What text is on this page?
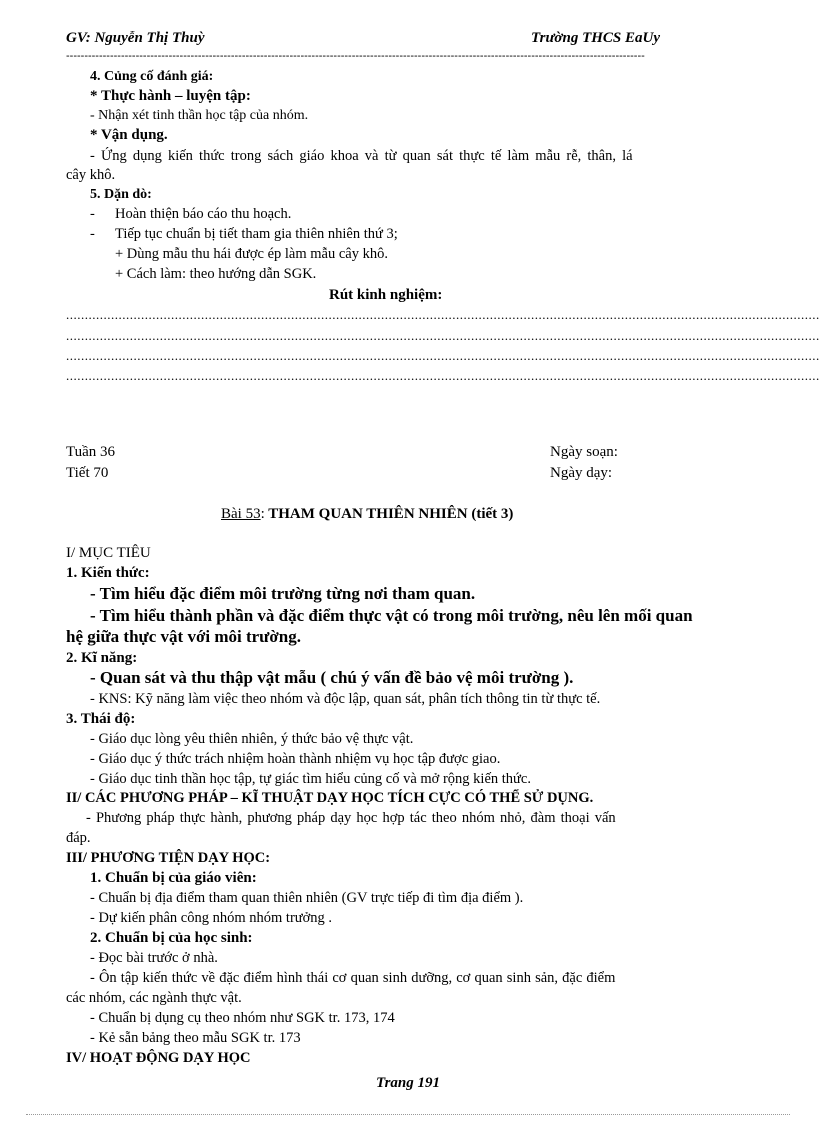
GV: Nguyễn Thị Thuỳ	Trường THCS EaUy
--------------------------------------------------------------------------------------------------------------------------------------------------------------
4. Củng cố đánh giá:
* Thực hành – luyện tập:
- Nhận xét tinh thần học tập của nhóm.
* Vận dụng.
- Ứng dụng kiến thức trong sách giáo khoa và từ quan sát thực tế làm mẫu rễ, thân, lá
cây khô.
5. Dặn dò:
- Hoàn thiện báo cáo thu hoạch.
- Tiếp tục chuẩn bị tiết tham gia thiên nhiên thứ 3;
+ Dùng mẫu thu hái được ép làm mẫu cây khô.
+ Cách làm: theo hướng dẫn SGK.
Rút kinh nghiệm:
.........................................................................................................................................................................................................
.........................................................................................................................................................................................................
.........................................................................................................................................................................................................
.........................................................................................................................................................................................................
Tuần 36
Tiết 70
Ngày soạn:
Ngày dạy:
Bài 53: THAM QUAN THIÊN NHIÊN (tiết 3)
I/ MỤC TIÊU
1. Kiến thức:
- Tìm hiểu đặc điểm môi trường từng nơi tham quan.
- Tìm hiểu thành phần và đặc điểm thực vật có trong môi trường, nêu lên mối quan
hệ giữa thực vật với môi trường.
2. Kĩ năng:
- Quan sát và thu thập vật mẫu ( chú ý vấn đề bảo vệ môi trường ).
- KNS: Kỹ năng làm việc theo nhóm và độc lập, quan sát, phân tích thông tin từ thực tế.
3. Thái độ:
- Giáo dục lòng yêu thiên nhiên, ý thức bảo vệ thực vật.
- Giáo dục ý thức trách nhiệm hoàn thành nhiệm vụ học tập được giao.
- Giáo dục tinh thần học tập, tự giác tìm hiểu củng cố và mở rộng kiến thức.
II/ CÁC PHƯƠNG PHÁP – KĨ THUẬT DẠY HỌC TÍCH CỰC CÓ THỂ SỬ DỤNG.
- Phương pháp thực hành, phương pháp dạy học hợp tác theo nhóm nhỏ, đàm thoại vấn
đáp.
III/ PHƯƠNG TIỆN DẠY HỌC:
1. Chuẩn bị của giáo viên:
- Chuẩn bị địa điểm tham quan thiên nhiên (GV trực tiếp đi tìm địa điểm ).
- Dự kiến phân công nhóm nhóm trưởng .
2. Chuẩn bị của học sinh:
- Đọc bài trước ở nhà.
- Ôn tập kiến thức về đặc điểm hình thái cơ quan sinh dưỡng, cơ quan sinh sản, đặc điểm
các nhóm, các ngành thực vật.
- Chuẩn bị dụng cụ theo nhóm như SGK tr. 173, 174
- Kẻ sẵn bảng theo mẫu SGK tr. 173
IV/ HOẠT ĐỘNG DẠY HỌC
Trang 191
